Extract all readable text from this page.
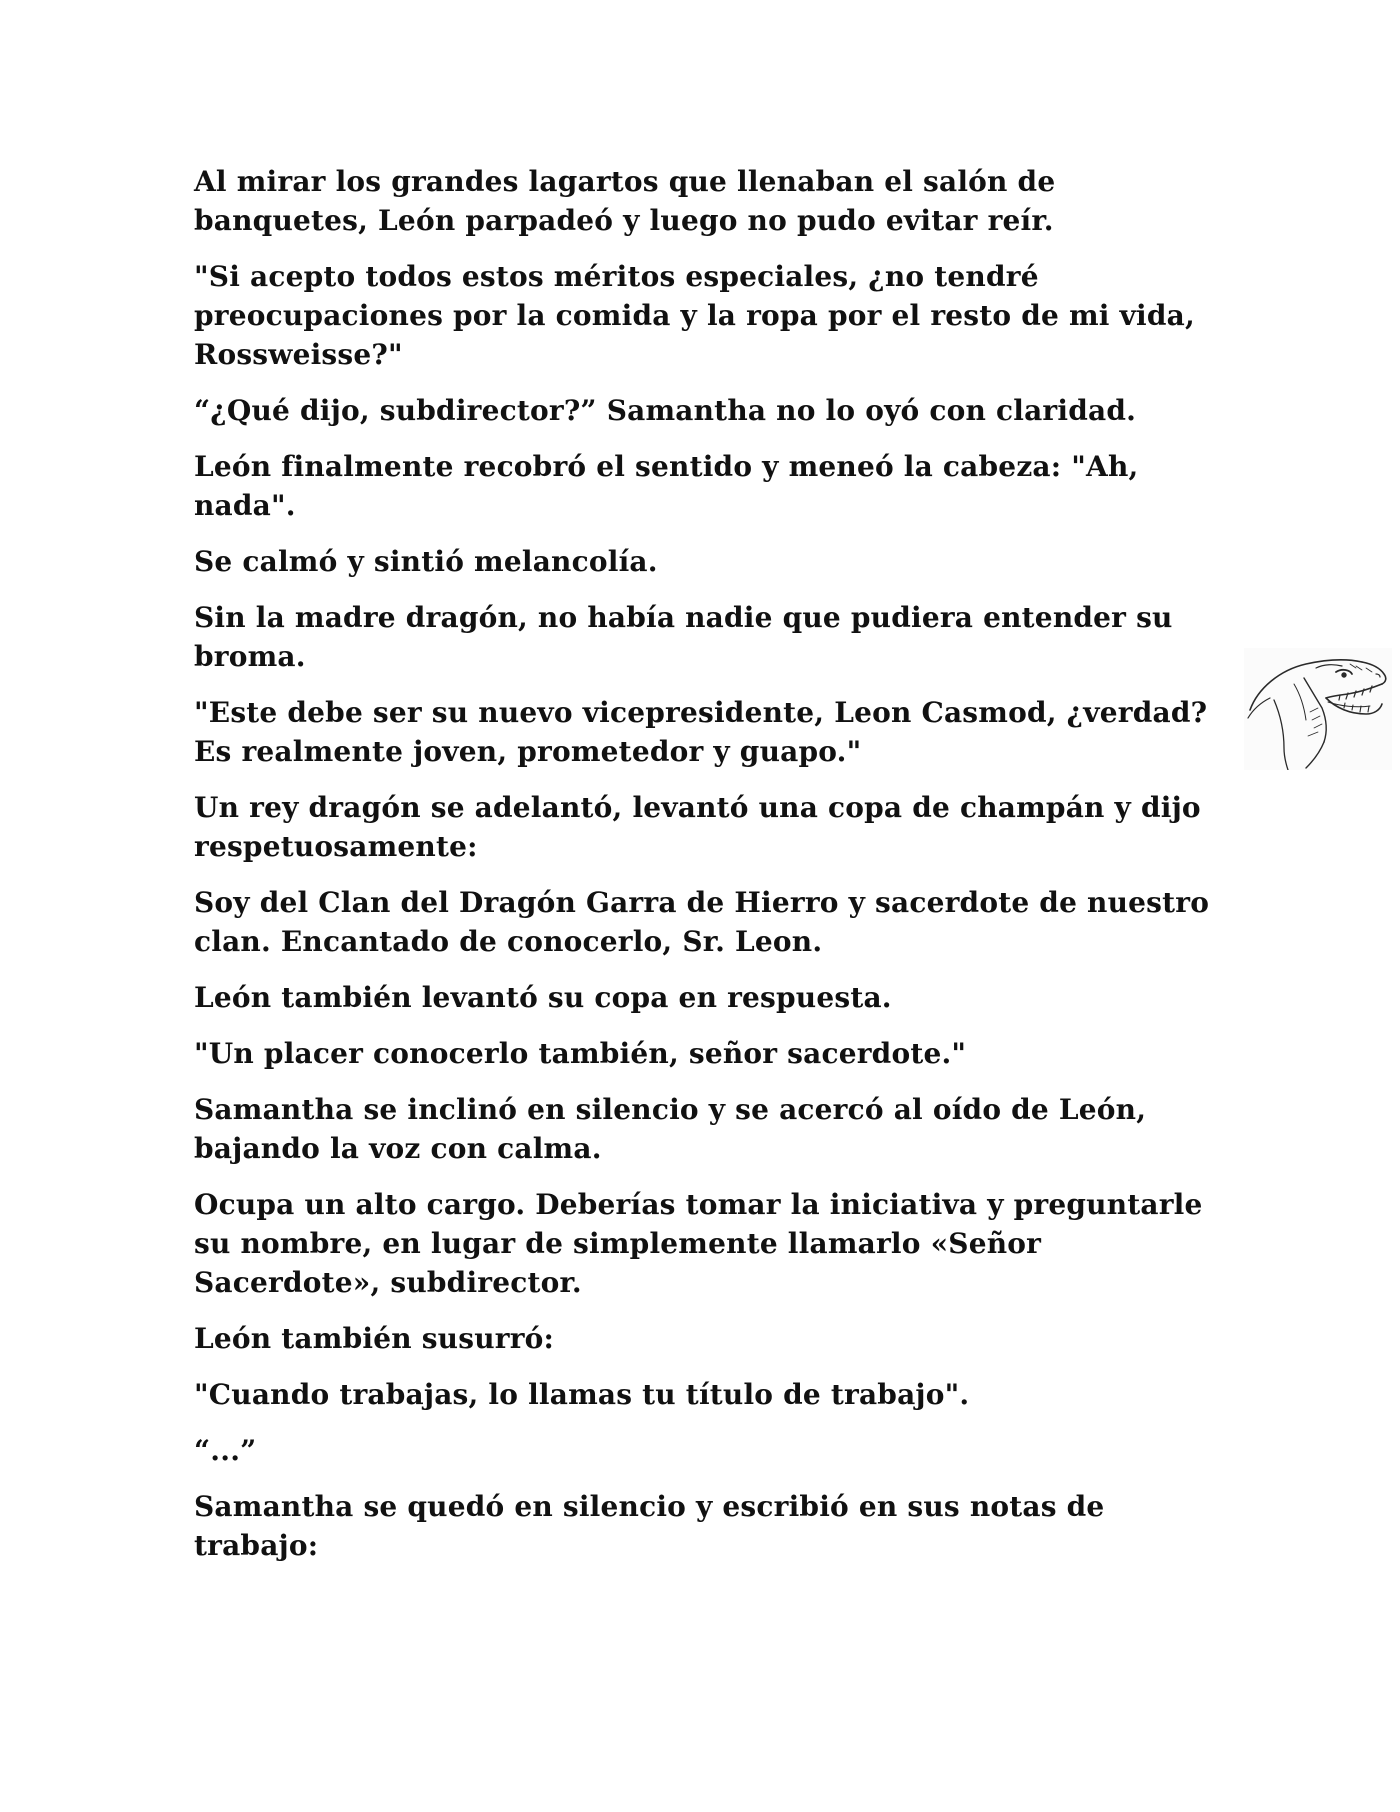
Al mirar los grandes lagartos que llenaban el salón de banquetes, León parpadeó y luego no pudo evitar reír.

"Si acepto todos estos méritos especiales, ¿no tendré preocupaciones por la comida y la ropa por el resto de mi vida, Rossweisse?"

“¿Qué dijo, subdirector?” Samantha no lo oyó con claridad.

León finalmente recobró el sentido y meneó la cabeza: "Ah, nada".

Se calmó y sintió melancolía.

Sin la madre dragón, no había nadie que pudiera entender su broma.

"Este debe ser su nuevo vicepresidente, Leon Casmod, ¿verdad? Es realmente joven, prometedor y guapo."

Un rey dragón se adelantó, levantó una copa de champán y dijo respetuosamente:

Soy del Clan del Dragón Garra de Hierro y sacerdote de nuestro clan. Encantado de conocerlo, Sr. Leon.

León también levantó su copa en respuesta.

"Un placer conocerlo también, señor sacerdote."

Samantha se inclinó en silencio y se acercó al oído de León, bajando la voz con calma.

Ocupa un alto cargo. Deberías tomar la iniciativa y preguntarle su nombre, en lugar de simplemente llamarlo «Señor Sacerdote», subdirector.

León también susurró:

"Cuando trabajas, lo llamas tu título de trabajo".

“...”

Samantha se quedó en silencio y escribió en sus notas de trabajo:
